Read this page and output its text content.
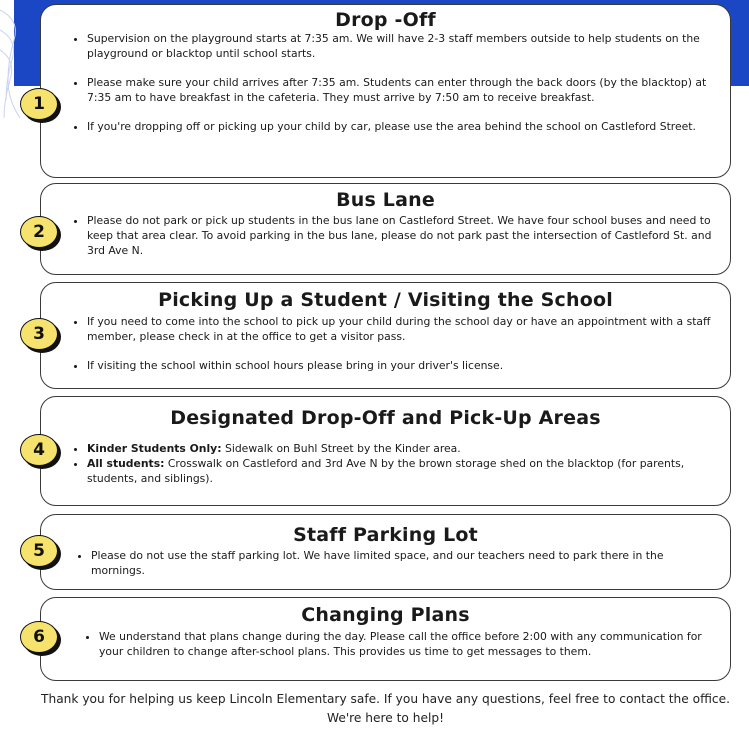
Drop -Off
• Supervision on the playground starts at 7:35 am. We will have 2-3 staff members outside to help students on the playground or blacktop until school starts.
• Please make sure your child arrives after 7:35 am. Students can enter through the back doors (by the blacktop) at 7:35 am to have breakfast in the cafeteria. They must arrive by 7:50 am to receive breakfast.
• If you're dropping off or picking up your child by car, please use the area behind the school on Castleford Street.
1
Bus Lane
• Please do not park or pick up students in the bus lane on Castleford Street. We have four school buses and need to keep that area clear. To avoid parking in the bus lane, please do not park past the intersection of Castleford St. and 3rd Ave N.
2
Picking Up a Student / Visiting the School
• If you need to come into the school to pick up your child during the school day or have an appointment with a staff member, please check in at the office to get a visitor pass.
• If visiting the school within school hours please bring in your driver's license.
3
Designated Drop-Off and Pick-Up Areas
• Kinder Students Only: Sidewalk on Buhl Street by the Kinder area.
• All students: Crosswalk on Castleford and 3rd Ave N by the brown storage shed on the blacktop (for parents, students, and siblings).
4
Staff Parking Lot
• Please do not use the staff parking lot. We have limited space, and our teachers need to park there in the mornings.
5
Changing Plans
• We understand that plans change during the day. Please call the office before 2:00 with any communication for your children to change after-school plans. This provides us time to get messages to them.
6
Thank you for helping us keep Lincoln Elementary safe. If you have any questions, feel free to contact the office. We're here to help!
